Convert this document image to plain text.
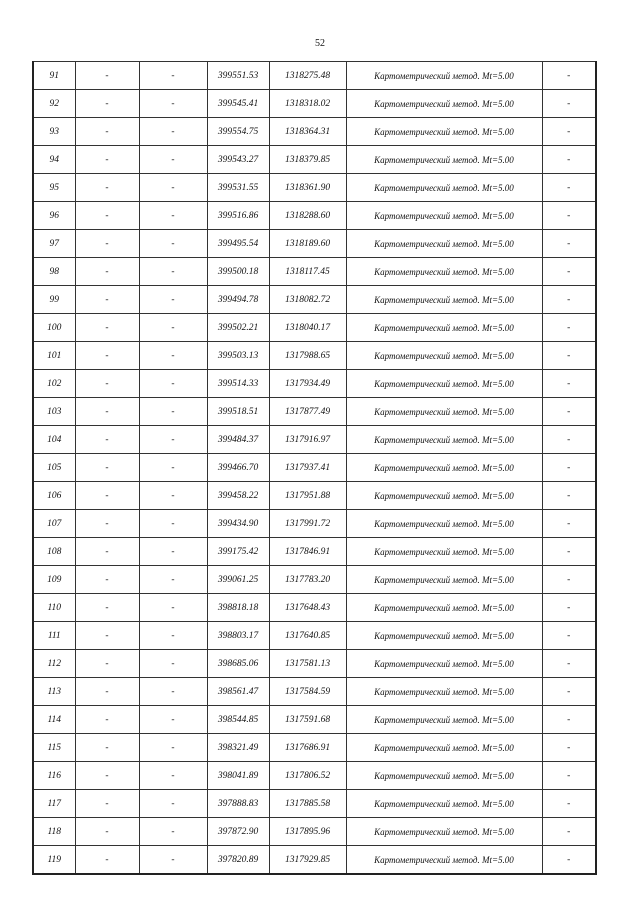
52
91	-	-	399551.53	1318275.48	Картометрический метод. Mt=5.00	-
92	-	-	399545.41	1318318.02	Картометрический метод. Mt=5.00	-
93	-	-	399554.75	1318364.31	Картометрический метод. Mt=5.00	-
94	-	-	399543.27	1318379.85	Картометрический метод. Mt=5.00	-
95	-	-	399531.55	1318361.90	Картометрический метод. Mt=5.00	-
96	-	-	399516.86	1318288.60	Картометрический метод. Mt=5.00	-
97	-	-	399495.54	1318189.60	Картометрический метод. Mt=5.00	-
98	-	-	399500.18	1318117.45	Картометрический метод. Mt=5.00	-
99	-	-	399494.78	1318082.72	Картометрический метод. Mt=5.00	-
100	-	-	399502.21	1318040.17	Картометрический метод. Mt=5.00	-
101	-	-	399503.13	1317988.65	Картометрический метод. Mt=5.00	-
102	-	-	399514.33	1317934.49	Картометрический метод. Mt=5.00	-
103	-	-	399518.51	1317877.49	Картометрический метод. Mt=5.00	-
104	-	-	399484.37	1317916.97	Картометрический метод. Mt=5.00	-
105	-	-	399466.70	1317937.41	Картометрический метод. Mt=5.00	-
106	-	-	399458.22	1317951.88	Картометрический метод. Mt=5.00	-
107	-	-	399434.90	1317991.72	Картометрический метод. Mt=5.00	-
108	-	-	399175.42	1317846.91	Картометрический метод. Mt=5.00	-
109	-	-	399061.25	1317783.20	Картометрический метод. Mt=5.00	-
110	-	-	398818.18	1317648.43	Картометрический метод. Mt=5.00	-
111	-	-	398803.17	1317640.85	Картометрический метод. Mt=5.00	-
112	-	-	398685.06	1317581.13	Картометрический метод. Mt=5.00	-
113	-	-	398561.47	1317584.59	Картометрический метод. Mt=5.00	-
114	-	-	398544.85	1317591.68	Картометрический метод. Mt=5.00	-
115	-	-	398321.49	1317686.91	Картометрический метод. Mt=5.00	-
116	-	-	398041.89	1317806.52	Картометрический метод. Mt=5.00	-
117	-	-	397888.83	1317885.58	Картометрический метод. Mt=5.00	-
118	-	-	397872.90	1317895.96	Картометрический метод. Mt=5.00	-
119	-	-	397820.89	1317929.85	Картометрический метод. Mt=5.00	-
